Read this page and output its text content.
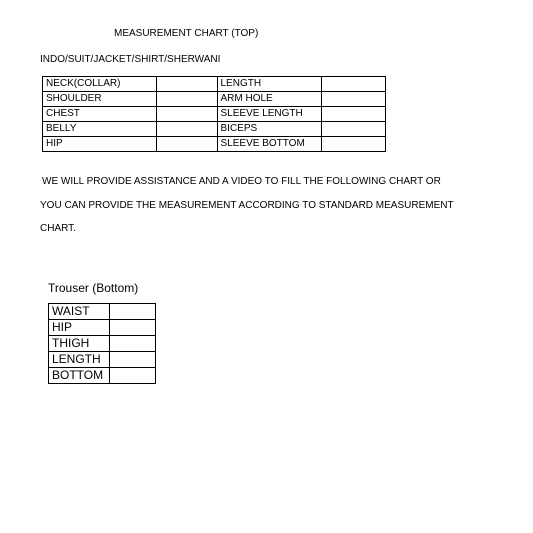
MEASUREMENT CHART (TOP)
INDO/SUIT/JACKET/SHIRT/SHERWANI
NECK(COLLAR)		LENGTH	
SHOULDER		ARM HOLE	
CHEST		SLEEVE LENGTH	
BELLY		BICEPS	
HIP		SLEEVE BOTTOM	
WE WILL PROVIDE ASSISTANCE AND A VIDEO TO FILL THE FOLLOWING CHART OR
YOU CAN PROVIDE THE MEASUREMENT ACCORDING TO STANDARD MEASUREMENT
CHART.
Trouser (Bottom)
WAIST	
HIP	
THIGH	
LENGTH	
BOTTOM	
